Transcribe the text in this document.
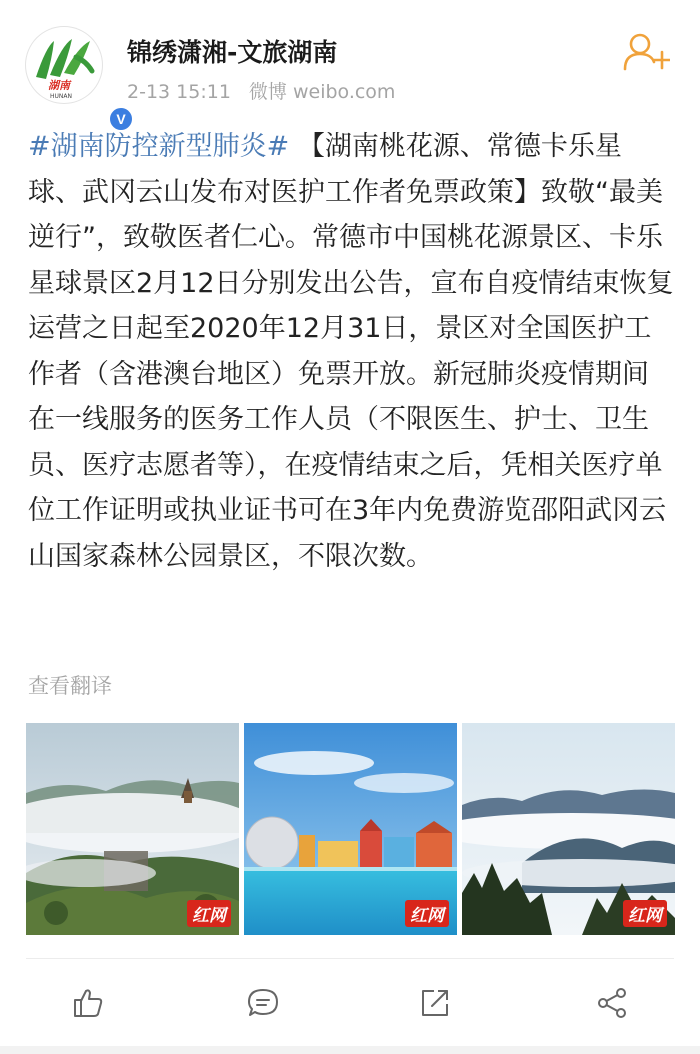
湖南
HUNAN
V
锦绣潇湘-文旅湖南
2-13 15:11 微博 weibo.com
#湖南防控新型肺炎# 【湖南桃花源、常德卡乐星球、武冈云山发布对医护工作者免票政策】致敬“最美逆行”，致敬医者仁心。常德市中国桃花源景区、卡乐星球景区2月12日分别发出公告，宣布自疫情结束恢复运营之日起至2020年12月31日，景区对全国医护工作者（含港澳台地区）免票开放。新冠肺炎疫情期间在一线服务的医务工作人员（不限医生、护士、卫生员、医疗志愿者等），在疫情结束之后，凭相关医疗单位工作证明或执业证书可在3年内免费游览邵阳武冈云山国家森林公园景区，不限次数。
查看翻译
红网	红网	红网
